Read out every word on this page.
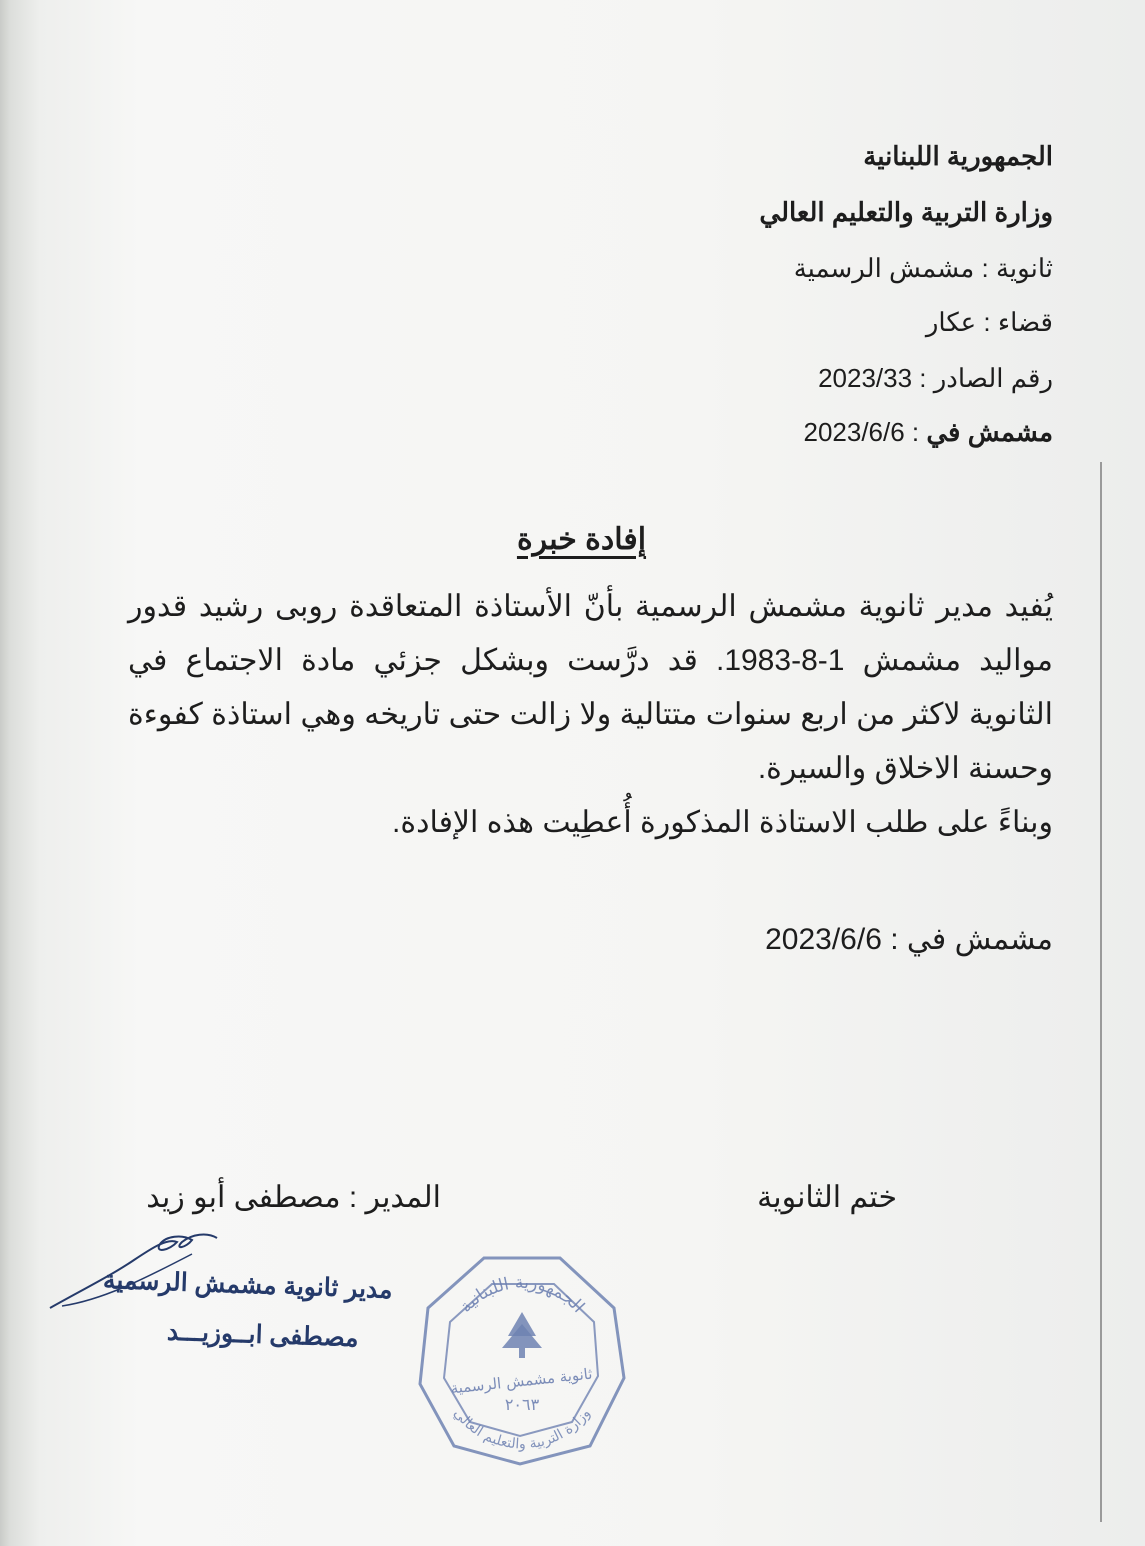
الجمهورية اللبنانية
وزارة التربية والتعليم العالي
ثانوية : مشمش الرسمية
قضاء : عكار
رقم الصادر : 2023/33
مشمش في : 2023/6/6
إفادة خبرة
يُفيد مدير ثانوية مشمش الرسمية بأنّ الأستاذة المتعاقدة روبى رشيد قدور مواليد مشمش 1-8-1983. قد درَّست وبشكل جزئي مادة الاجتماع في الثانوية لاكثر من اربع سنوات متتالية ولا زالت حتى تاريخه وهي استاذة كفوءة وحسنة الاخلاق والسيرة.
وبناءً على طلب الاستاذة المذكورة أُعطِيت هذه الإفادة.
مشمش في : 2023/6/6
ختم الثانوية
المدير : مصطفى أبو زيد
مدير ثانوية مشمش الرسمية
مصطفى ابــوزيـــد
الجمهورية اللبنانية
ثانوية مشمش الرسمية
٢٠٦٣
وزارة التربية والتعليم العالي
